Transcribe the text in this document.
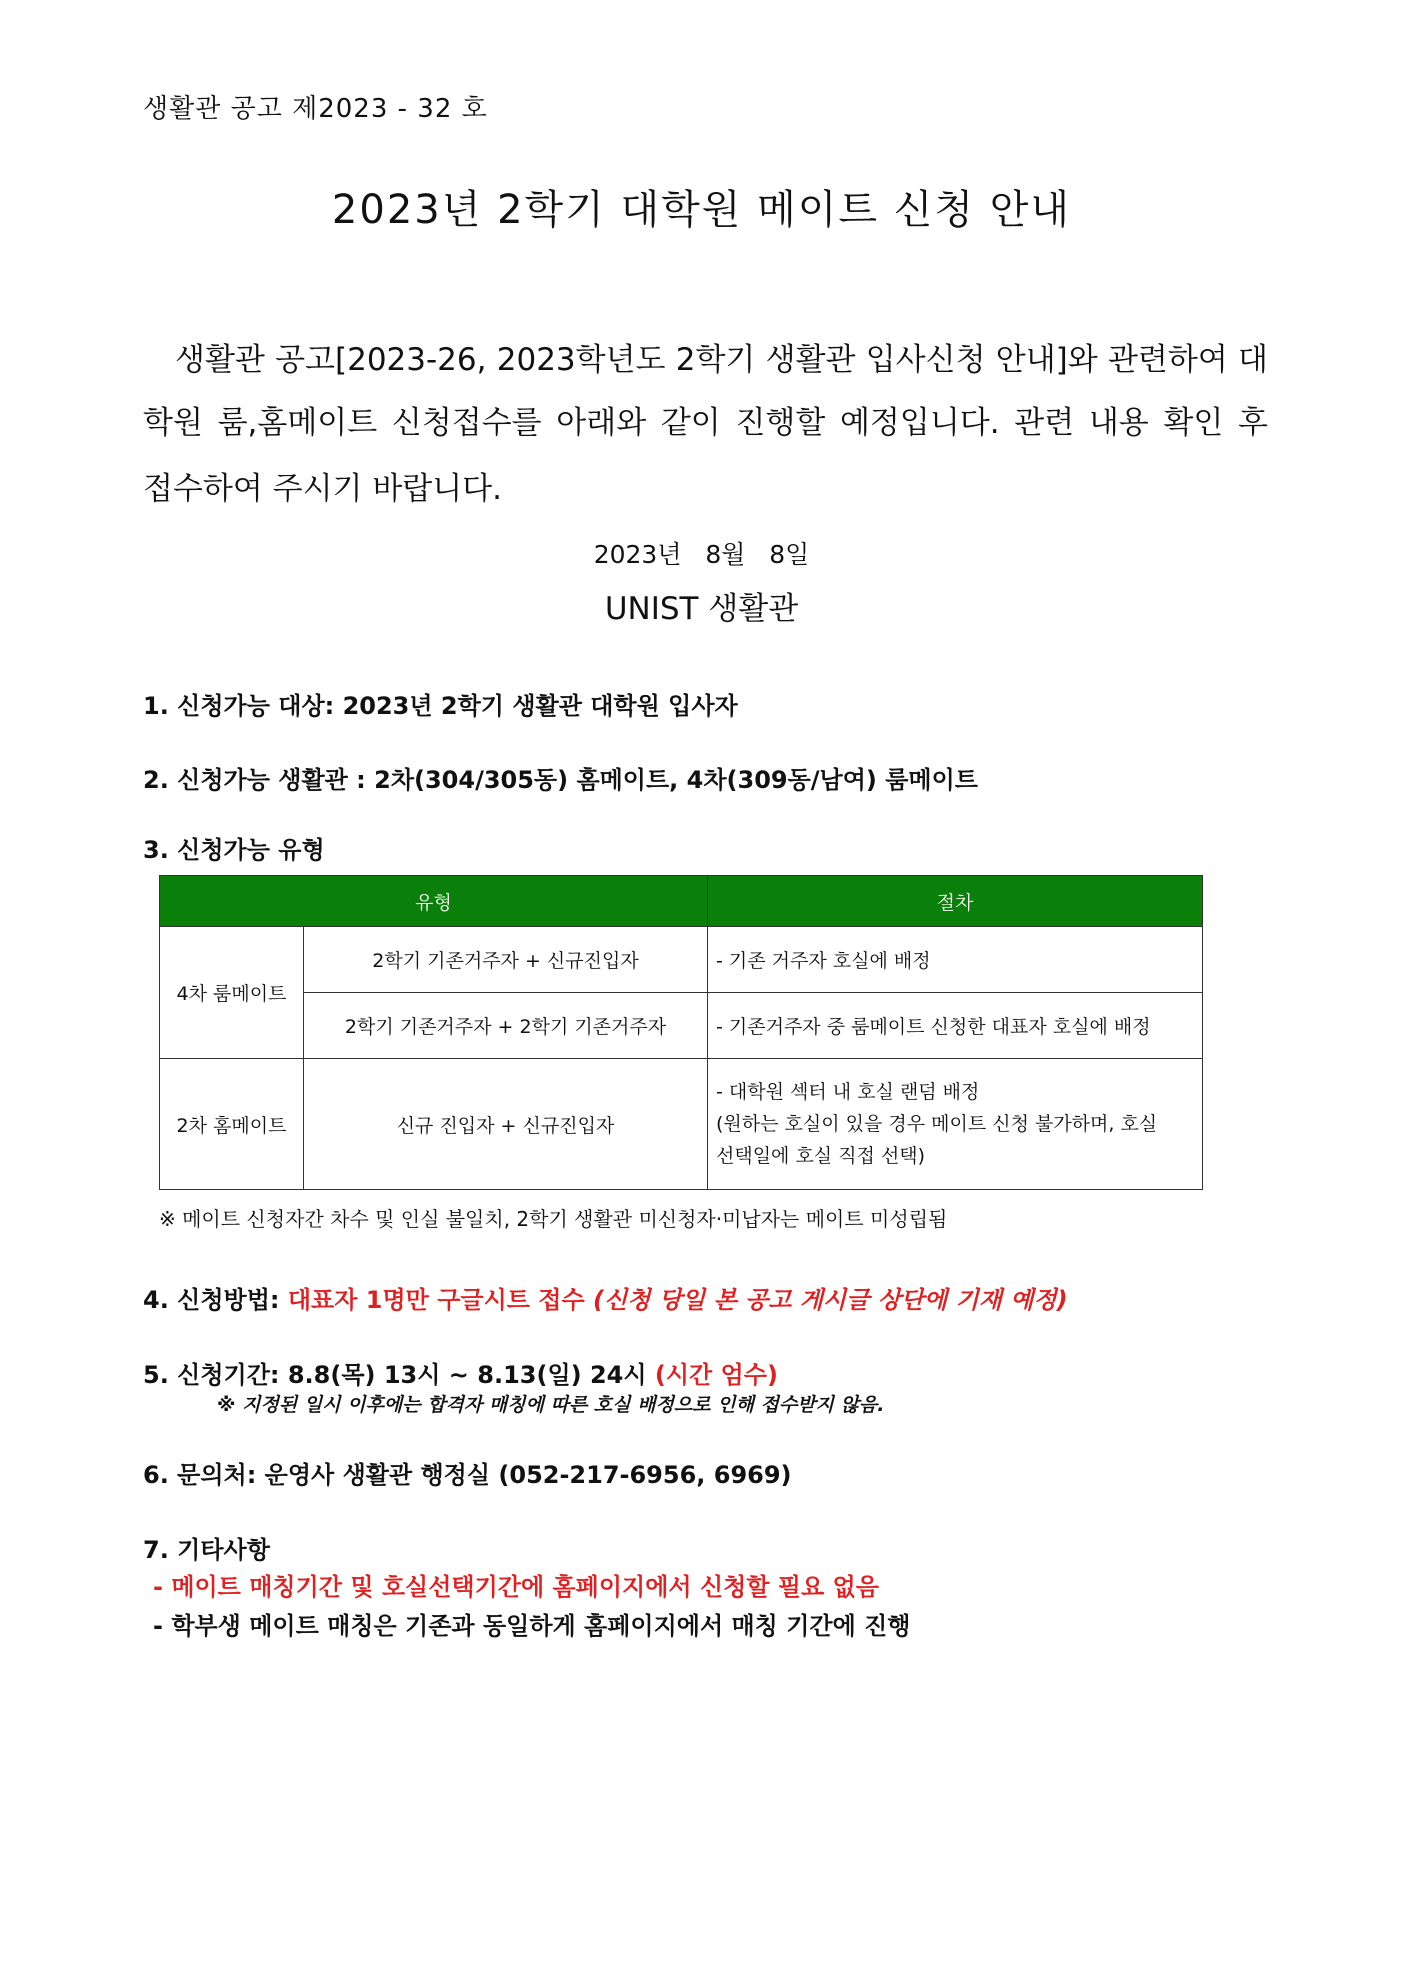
생활관 공고 제2023 - 32 호
2023년 2학기 대학원 메이트 신청 안내
생활관 공고[2023-26, 2023학년도 2학기 생활관 입사신청 안내]와 관련하여 대
학원 룸,홈메이트 신청접수를 아래와 같이 진행할 예정입니다. 관련 내용 확인 후
접수하여 주시기 바랍니다.
2023년   8월   8일
UNIST 생활관
1. 신청가능 대상: 2023년 2학기 생활관 대학원 입사자
2. 신청가능 생활관 : 2차(304/305동) 홈메이트, 4차(309동/남여) 룸메이트
3. 신청가능 유형
유형		절차
4차 룸메이트	2학기 기존거주자 + 신규진입자	- 기존 거주자 호실에 배정
	2학기 기존거주자 + 2학기 기존거주자	- 기존거주자 중 룸메이트 신청한 대표자 호실에 배정
2차 홈메이트	신규 진입자 + 신규진입자	- 대학원 섹터 내 호실 랜덤 배정
(원하는 호실이 있을 경우 메이트 신청 불가하며, 호실
선택일에 호실 직접 선택)
※ 메이트 신청자간 차수 및 인실 불일치, 2학기 생활관 미신청자·미납자는 메이트 미성립됨
4. 신청방법: 대표자 1명만 구글시트 접수 (신청 당일 본 공고 게시글 상단에 기재 예정)
5. 신청기간: 8.8(목) 13시 ~ 8.13(일) 24시 (시간 엄수)
※ 지정된 일시 이후에는 합격자 매칭에 따른 호실 배정으로 인해 접수받지 않음.
6. 문의처: 운영사 생활관 행정실 (052-217-6956, 6969)
7. 기타사항
- 메이트 매칭기간 및 호실선택기간에 홈페이지에서 신청할 필요 없음
- 학부생 메이트 매칭은 기존과 동일하게 홈페이지에서 매칭 기간에 진행
